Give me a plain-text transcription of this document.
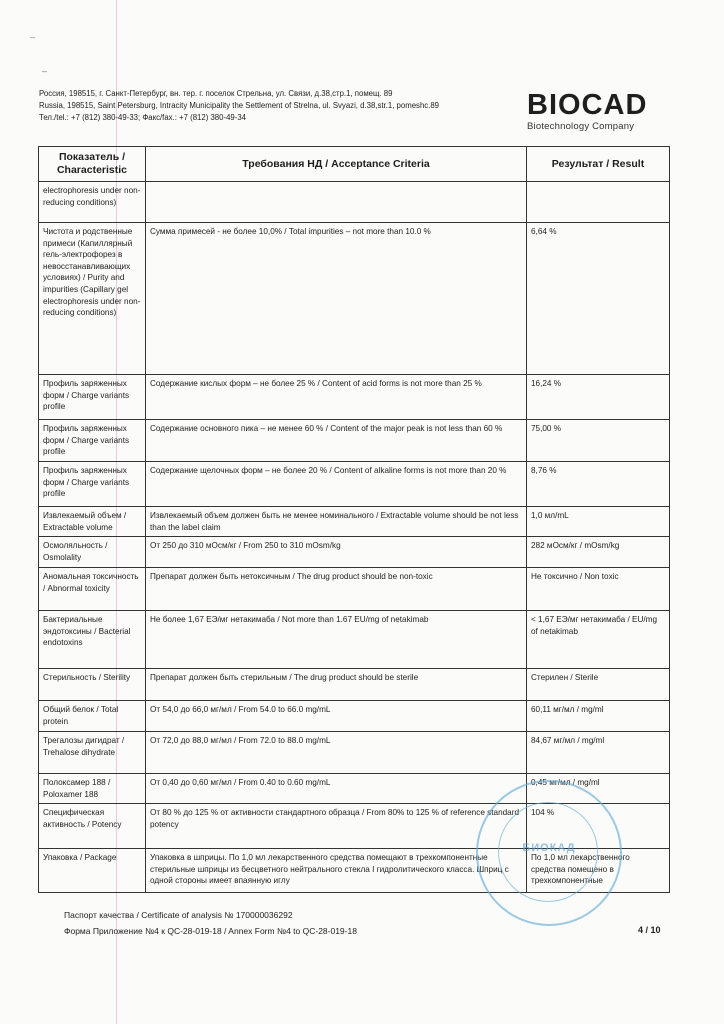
–
–
Россия, 198515, г. Санкт-Петербург, вн. тер. г. поселок Стрельна, ул. Связи, д.38,стр.1, помещ. 89
Russia, 198515, Saint Petersburg, Intracity Municipality the Settlement of Strelna, ul. Svyazi, d.38,str.1, pomeshc.89
Тел./tel.: +7 (812) 380-49-33; Факс/fax.: +7 (812) 380-49-34	BIOCAD
Biotechnology Company
Показатель / Characteristic	Требования НД / Acceptance Criteria	Результат / Result
electrophoresis under non-reducing conditions)		
Чистота и родственные примеси (Капиллярный гель-электрофорез в невосстанавливающих условиях) / Purity and impurities (Capillary gel electrophoresis under non-reducing conditions)	Сумма примесей - не более 10,0% / Total impurities – not more than 10.0 %	6,64 %
Профиль заряженных форм / Charge variants profile	Содержание кислых форм – не более 25 % / Content of acid forms is not more than 25 %	16,24 %
Профиль заряженных форм / Charge variants profile	Содержание основного пика – не менее 60 % / Content of the major peak is not less than 60 %	75,00 %
Профиль заряженных форм / Charge variants profile	Содержание щелочных форм – не более 20 % / Content of alkaline forms is not more than 20 %	8,76 %
Извлекаемый объем / Extractable volume	Извлекаемый объем должен быть не менее номинального / Extractable volume should be not less than the label claim	1,0 мл/mL
Осмоляльность / Osmolality	От 250 до 310 мОсм/кг / From 250 to 310 mOsm/kg	282 мОсм/кг / mOsm/kg
Аномальная токсичность / Abnormal toxicity	Препарат должен быть нетоксичным / The drug product should be non-toxic	Не токсично / Non toxic
Бактериальные эндотоксины / Bacterial endotoxins	Не более 1,67 ЕЭ/мг нетакимаба / Not more than 1.67 EU/mg of netakimab	< 1,67 ЕЭ/мг нетакимаба / EU/mg of netakimab
Стерильность / Sterility	Препарат должен быть стерильным / The drug product should be sterile	Стерилен / Sterile
Общий белок / Total protein	От 54,0 до 66,0 мг/мл / From 54.0 to 66.0 mg/mL	60,11 мг/мл / mg/ml
Трегалозы дигидрат / Trehalose dihydrate	От 72,0 до 88,0 мг/мл / From 72.0 to 88.0 mg/mL	84,67 мг/мл / mg/ml
Полоксамер 188 / Poloxamer 188	От 0,40 до 0,60 мг/мл / From 0.40 to 0.60 mg/mL	0,45 мг/мл / mg/ml
Специфическая активность / Potency	От 80 % до 125 % от активности стандартного образца / From 80% to 125 % of reference standard potency	104 %
Упаковка / Package	Упаковка в шприцы. По 1,0 мл лекарственного средства помещают в трехкомпонентные стерильные шприцы из бесцветного нейтрального стекла I гидролитического класса. Шприц с одной стороны имеет впаянную иглу	По 1,0 мл лекарственного средства помещено в трехкомпонентные
БИОКАД
Паспорт качества / Certificate of analysis № 170000036292
Форма Приложение №4 к QC-28-019-18 / Annex Form №4 to QC-28-019-18	4 / 10
